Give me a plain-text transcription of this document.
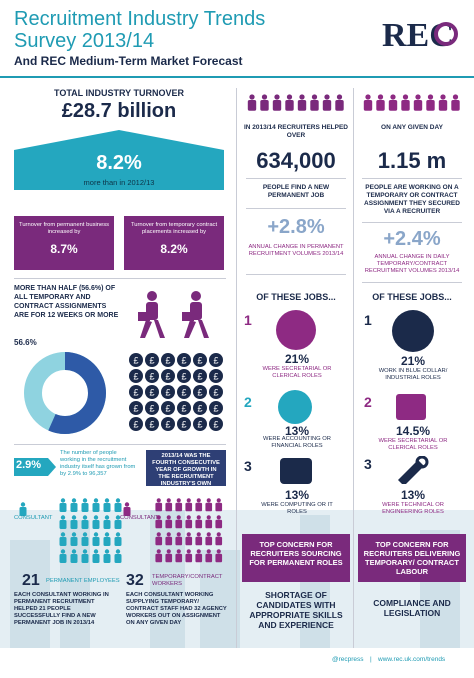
Recruitment Industry Trends
Survey 2013/14
And REC Medium-Term Market Forecast
REC
TOTAL INDUSTRY TURNOVER
£28.7 billion
8.2%
more than in 2012/13
Turnover from permanent business increased by
8.7%
Turnover from temporary contract placements increased by
8.2%
MORE THAN HALF (56.6%) OF ALL TEMPORARY AND CONTRACT ASSIGNMENTS ARE FOR 12 WEEKS OR MORE
56.6%
£ £ £ £ £ £
£ £ £ £ £ £
£ £ £ £ £ £
£ £ £ £ £ £
£ £ £ £ £ £
2.9%
The number of people working in the recruitment industry itself has grown from by 2.9% to 96,357
2013/14 WAS THE FOURTH CONSECUTIVE YEAR OF GROWTH IN THE RECRUITMENT INDUSTRY'S OWN WORKFORCE
CONSULTANT	CONSULTANT
21 PERMANENT EMPLOYEES
EACH CONSULTANT WORKING IN PERMANENT RECRUITMENT HELPED 21 PEOPLE SUCCESSFULLY FIND A NEW PERMANENT JOB IN 2013/14
32 TEMPORARY/CONTRACT WORKERS
EACH CONSULTANT WORKING SUPPLYING TEMPORARY/ CONTRACT STAFF HAD 32 AGENCY WORKERS OUT ON ASSIGNMENT ON ANY GIVEN DAY
IN 2013/14 RECRUITERS HELPED OVER
634,000
PEOPLE FIND A NEW PERMANENT JOB
+2.8%
ANNUAL CHANGE IN PERMANENT RECRUITMENT VOLUMES 2013/14
OF THESE JOBS...
1
21%
WERE SECRETARIAL OR CLERICAL ROLES
2
13%
WERE ACCOUNTING OR FINANCIAL ROLES
3
13%
WERE COMPUTING OR IT ROLES
TOP CONCERN FOR RECRUITERS SOURCING FOR PERMANENT ROLES
SHORTAGE OF CANDIDATES WITH APPROPRIATE SKILLS AND EXPERIENCE
ON ANY GIVEN DAY
1.15 m
PEOPLE ARE WORKING ON A TEMPORARY OR CONTRACT ASSIGNMENT THEY SECURED VIA A RECRUITER
+2.4%
ANNUAL CHANGE IN DAILY TEMPORARY/CONTRACT RECRUITMENT VOLUMES 2013/14
OF THESE JOBS...
1
21%
WORK IN BLUE COLLAR/ INDUSTRIAL ROLES
2
14.5%
WERE SECRETARIAL OR CLERICAL ROLES
3
13%
WERE TECHNICAL OR ENGINEERING ROLES
TOP CONCERN FOR RECRUITERS DELIVERING TEMPORARY/ CONTRACT LABOUR
COMPLIANCE AND LEGISLATION
@recpress | www.rec.uk.com/trends
